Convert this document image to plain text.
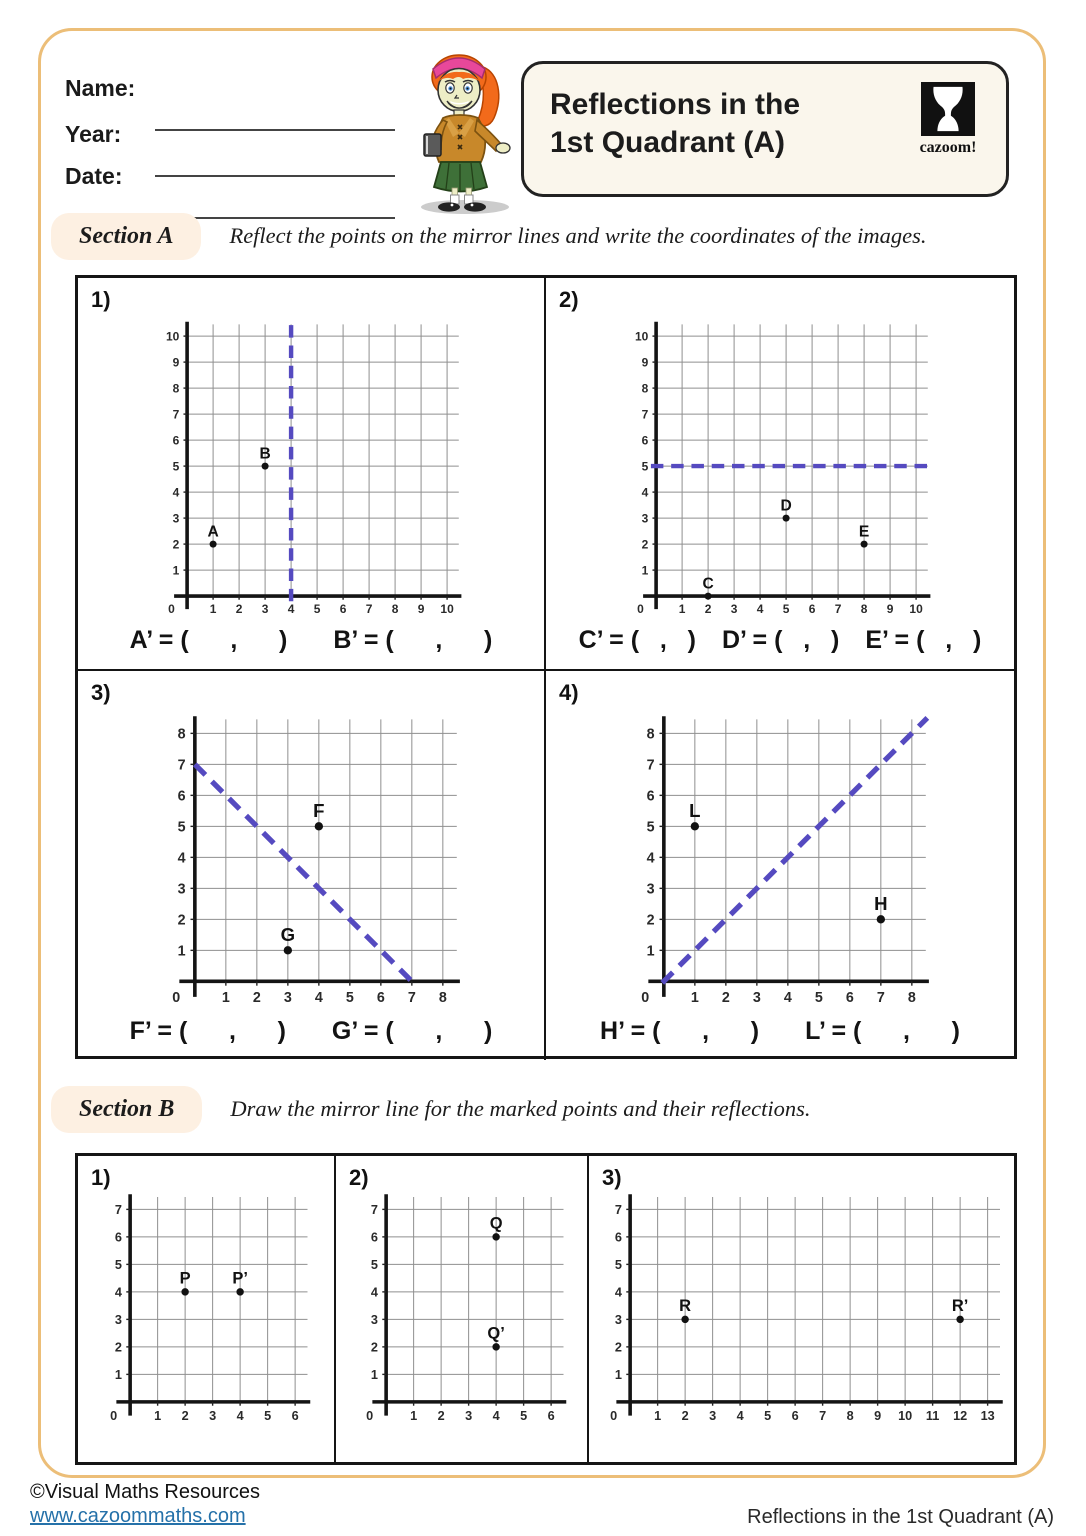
Name:
Year:
Date:
Reflections in the
1st Quadrant (A)	cazoom!
Section A	Reflect the points on the mirror lines and write the coordinates of the images.
1)
1 2 3 4 5 6 7 8 9 10
1
2
3
4
5
6
7
8
9
10
0
A
B
A’ = (      ,      ) B’ = (      ,      )
2)
1 2 3 4 5 6 7 8 9 10
1
2
3
4
5
6
7
8
9
10
0
C
D
E
C’ = (   ,   ) D’ = (   ,   ) E’ = (   ,   )
3)
1 2 3 4 5 6 7 8
1
2
3
4
5
6
7
8
0
F
G
F’ = (      ,      ) G’ = (      ,      )
4)
1 2 3 4 5 6 7 8
1
2
3
4
5
6
7
8
0
L
H
H’ = (      ,      ) L’ = (      ,      )
Section B	Draw the mirror line for the marked points and their reflections.
1)
1 2 3 4 5 6
1
2
3
4
5
6
7
0
P	P’
2)
1 2 3 4 5 6
1
2
3
4
5
6
7
0
Q
Q’
3)
1 2 3 4 5 6 7 8 9 10 11 12 13
1
2
3
4
5
6
7
0
R	R’
©Visual Maths Resources
www.cazoommaths.com	Reflections in the 1st Quadrant (A)
